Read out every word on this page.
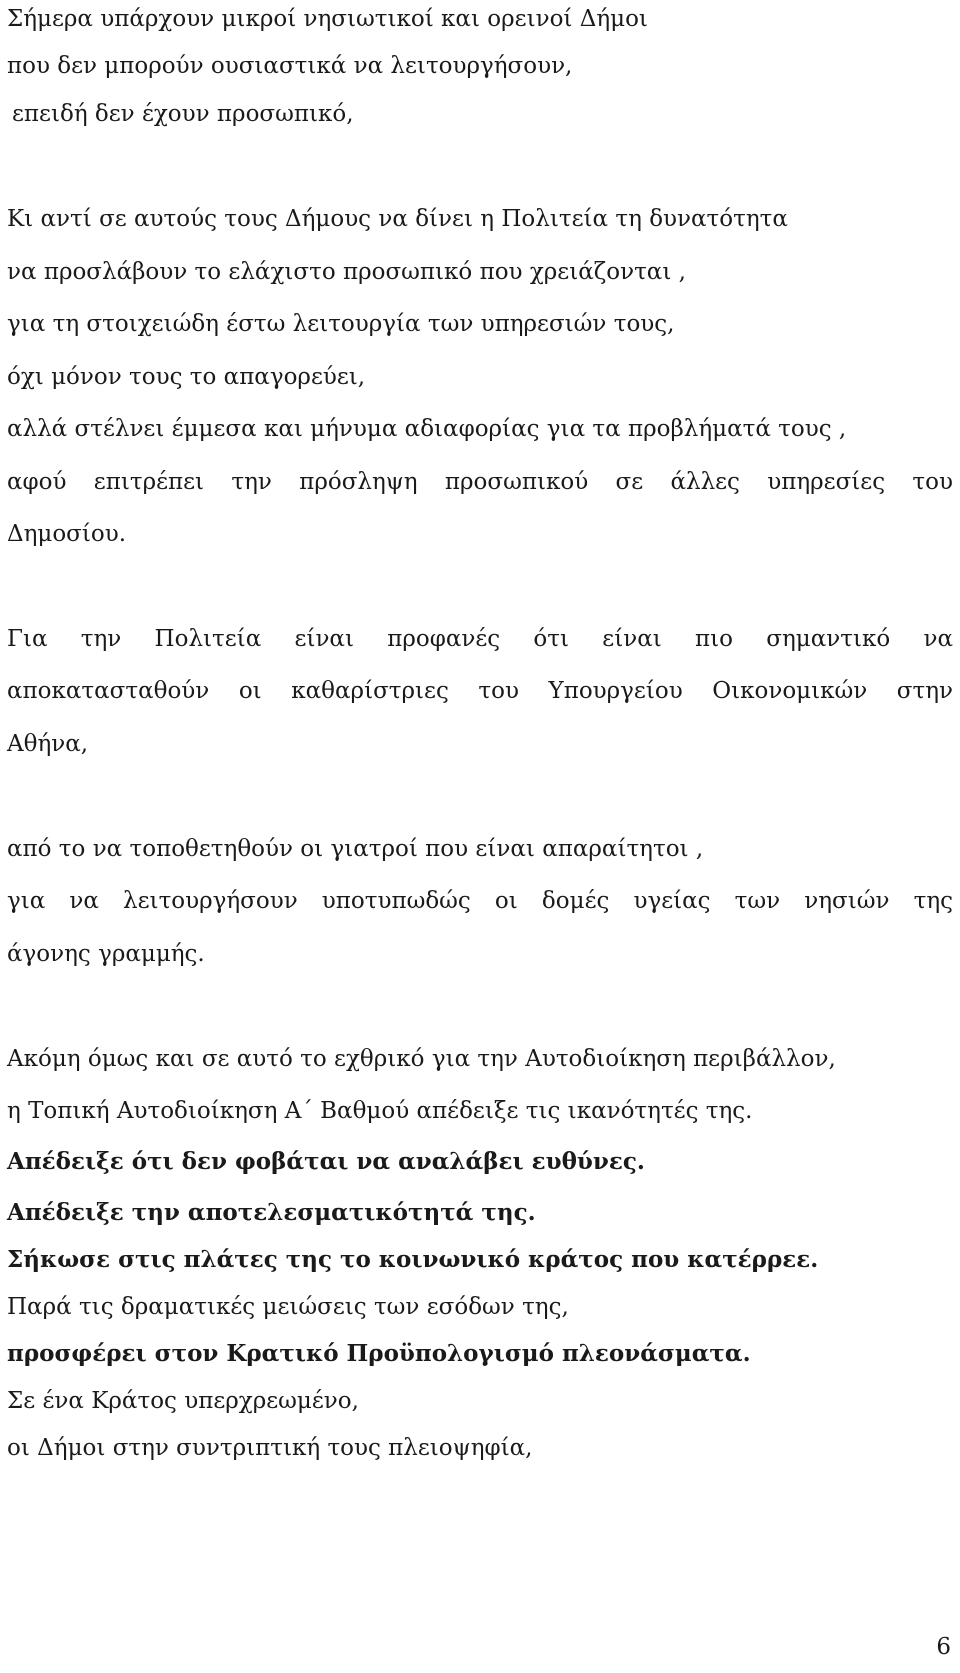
Σήμερα υπάρχουν μικροί νησιωτικοί και ορεινοί Δήμοι
που δεν μπορούν ουσιαστικά να λειτουργήσουν,
επειδή δεν έχουν προσωπικό,
Κι αντί σε αυτούς τους Δήμους να δίνει η Πολιτεία τη δυνατότητα
να προσλάβουν το ελάχιστο προσωπικό που χρειάζονται ,
για τη στοιχειώδη έστω λειτουργία των υπηρεσιών τους,
όχι μόνον τους το απαγορεύει,
αλλά στέλνει έμμεσα και μήνυμα αδιαφορίας για τα προβλήματά τους ,
αφού επιτρέπει την πρόσληψη προσωπικού σε άλλες υπηρεσίες του
Δημοσίου.
Για την Πολιτεία είναι προφανές ότι είναι πιο σημαντικό να
αποκατασταθούν οι καθαρίστριες του Υπουργείου Οικονομικών στην
Αθήνα,
από το να τοποθετηθούν οι γιατροί που είναι απαραίτητοι ,
για να λειτουργήσουν υποτυπωδώς οι δομές υγείας των νησιών της
άγονης γραμμής.
Ακόμη όμως και σε αυτό το εχθρικό για την Αυτοδιοίκηση περιβάλλον,
η Τοπική Αυτοδιοίκηση Α΄ Βαθμού απέδειξε τις ικανότητές της.
Απέδειξε ότι δεν φοβάται να αναλάβει ευθύνες.
Απέδειξε την αποτελεσματικότητά της.
Σήκωσε στις πλάτες της το κοινωνικό κράτος που κατέρρεε.
Παρά τις δραματικές μειώσεις των εσόδων της,
προσφέρει στον Κρατικό Προϋπολογισμό πλεονάσματα.
Σε ένα Κράτος υπερχρεωμένο,
οι Δήμοι στην συντριπτική τους πλειοψηφία,
6
